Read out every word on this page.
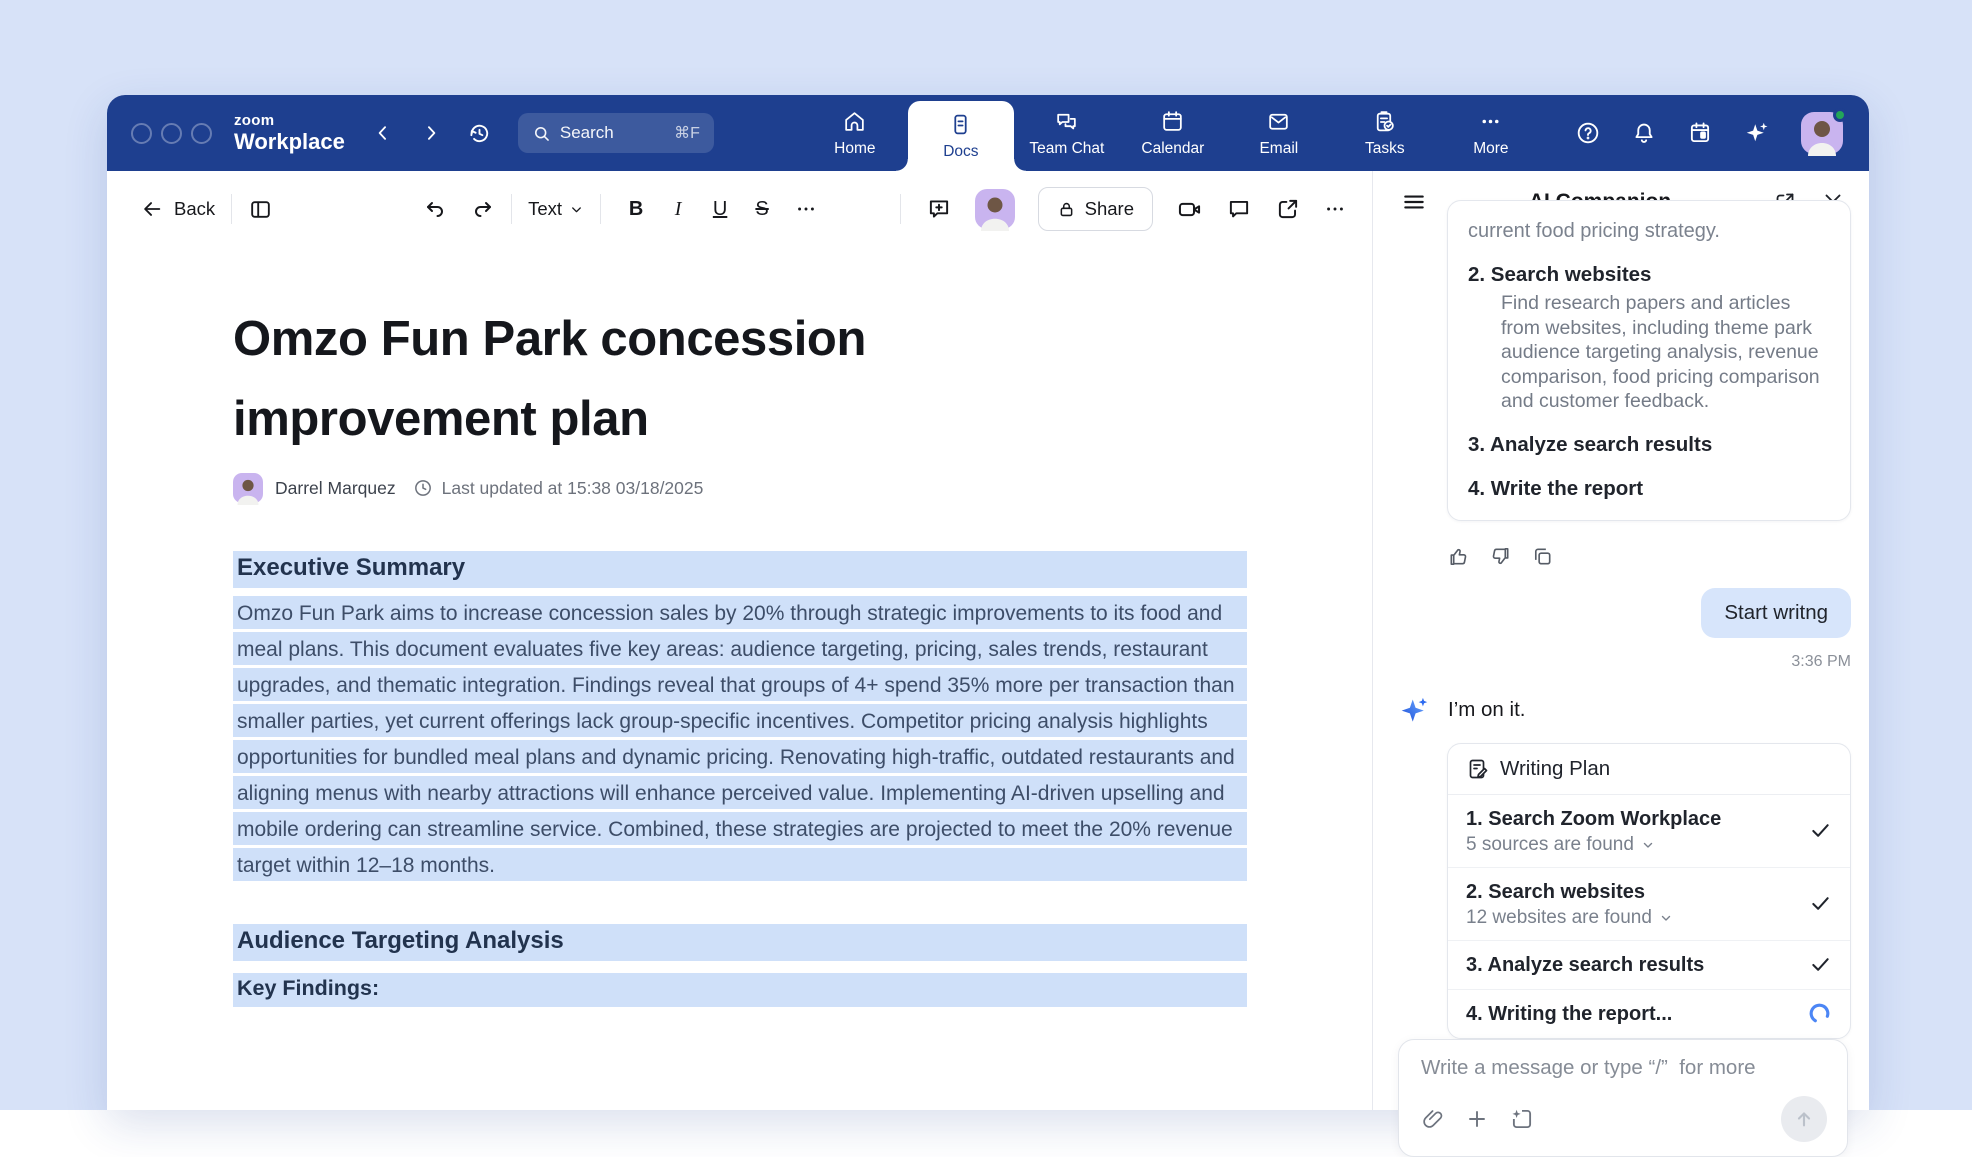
zoom
Workplace	Search	⌘F
Home	Docs	Team Chat Calendar	Email	Tasks	More
Back	Text	B	I	U	S	Share
Omzo Fun Park concession improvement plan
Darrel Marquez	Last updated at 15:38 03/18/2025
Executive Summary
Omzo Fun Park aims to increase concession sales by 20% through strategic improvements to its food and meal plans. This document evaluates five key areas: audience targeting, pricing, sales trends, restaurant upgrades, and thematic integration. Findings reveal that groups of 4+ spend 35% more per transaction than smaller parties, yet current offerings lack group-specific incentives. Competitor pricing analysis highlights opportunities for bundled meal plans and dynamic pricing. Renovating high-traffic, outdated restaurants and aligning menus with nearby attractions will enhance perceived value. Implementing AI-driven upselling and mobile ordering can streamline service. Combined, these strategies are projected to meet the 20% revenue target within 12–18 months.
Audience Targeting Analysis
Key Findings:
current food pricing strategy.
2. Search websites
Find research papers and articles from websites, including theme park audience targeting analysis, revenue comparison, food pricing comparison and customer feedback.
3. Analyze search results
4. Write the report
Start writng
3:36 PM
I’m on it.
Writing Plan
1. Search Zoom Workplace
5 sources are found
2. Search websites
12 websites are found
3. Analyze search results
4. Writing the report...
Write a message or type “/” for more
